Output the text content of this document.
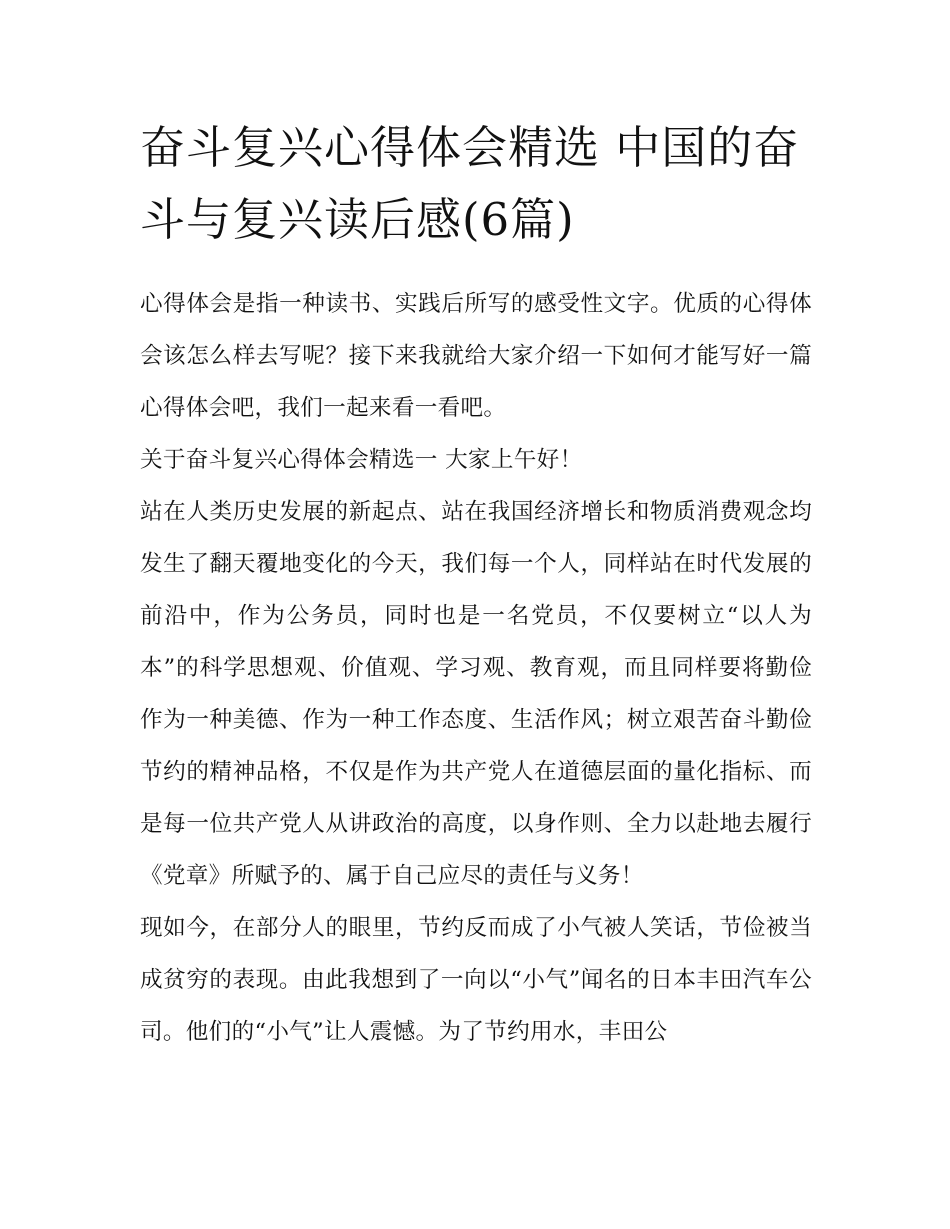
奋斗复兴心得体会精选 中国的奋斗与复兴读后感(6篇)

心得体会是指一种读书、实践后所写的感受性文字。优质的心得体会该怎么样去写呢？接下来我就给大家介绍一下如何才能写好一篇心得体会吧，我们一起来看一看吧。

关于奋斗复兴心得体会精选一 大家上午好！

站在人类历史发展的新起点、站在我国经济增长和物质消费观念均发生了翻天覆地变化的今天，我们每一个人，同样站在时代发展的前沿中，作为公务员，同时也是一名党员，不仅要树立“以人为本”的科学思想观、价值观、学习观、教育观，而且同样要将勤俭作为一种美德、作为一种工作态度、生活作风；树立艰苦奋斗勤俭节约的精神品格，不仅是作为共产党人在道德层面的量化指标、而是每一位共产党人从讲政治的高度，以身作则、全力以赴地去履行《党章》所赋予的、属于自己应尽的责任与义务！

现如今，在部分人的眼里，节约反而成了小气被人笑话，节俭被当成贫穷的表现。由此我想到了一向以“小气”闻名的日本丰田汽车公司。他们的“小气”让人震憾。为了节约用水，丰田公
